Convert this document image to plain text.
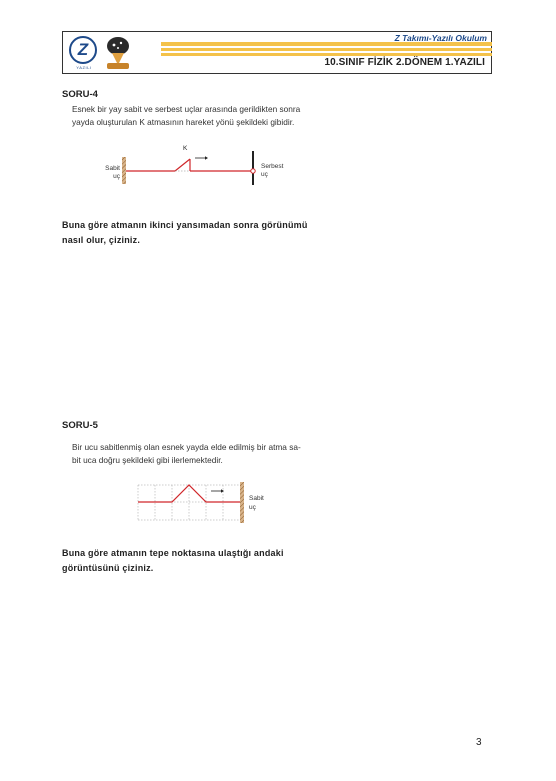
Z
YAZILI
Z Takımı-Yazılı Okulum
10.SINIF FİZİK 2.DÖNEM 1.YAZILI
SORU-4
Esnek bir yay sabit ve serbest uçlar arasında gerildikten sonra
yayda oluşturulan K atmasının hareket yönü şekildeki gibidir.
K
Sabit
uç
Serbest
uç
Buna göre atmanın ikinci yansımadan sonra görünümü
nasıl olur, çiziniz.
SORU-5
Bir ucu sabitlenmiş olan esnek yayda elde edilmiş bir atma sa-
bit uca doğru şekildeki gibi ilerlemektedir.
Sabit
uç
Buna göre atmanın tepe noktasına ulaştığı andaki
görüntüsünü çiziniz.
3
